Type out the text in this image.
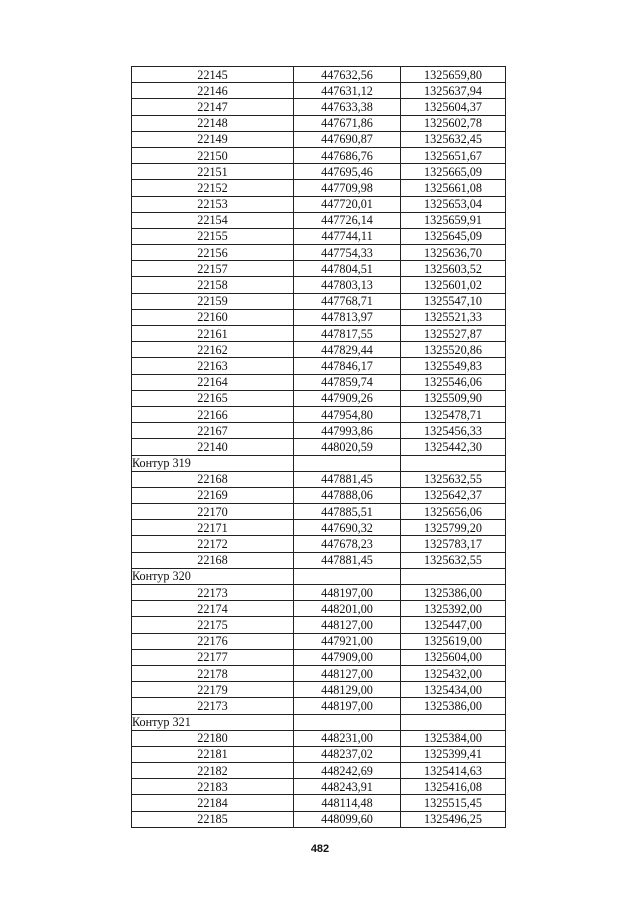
22145	447632,56	1325659,80
22146	447631,12	1325637,94
22147	447633,38	1325604,37
22148	447671,86	1325602,78
22149	447690,87	1325632,45
22150	447686,76	1325651,67
22151	447695,46	1325665,09
22152	447709,98	1325661,08
22153	447720,01	1325653,04
22154	447726,14	1325659,91
22155	447744,11	1325645,09
22156	447754,33	1325636,70
22157	447804,51	1325603,52
22158	447803,13	1325601,02
22159	447768,71	1325547,10
22160	447813,97	1325521,33
22161	447817,55	1325527,87
22162	447829,44	1325520,86
22163	447846,17	1325549,83
22164	447859,74	1325546,06
22165	447909,26	1325509,90
22166	447954,80	1325478,71
22167	447993,86	1325456,33
22140	448020,59	1325442,30
Контур 319		
22168	447881,45	1325632,55
22169	447888,06	1325642,37
22170	447885,51	1325656,06
22171	447690,32	1325799,20
22172	447678,23	1325783,17
22168	447881,45	1325632,55
Контур 320		
22173	448197,00	1325386,00
22174	448201,00	1325392,00
22175	448127,00	1325447,00
22176	447921,00	1325619,00
22177	447909,00	1325604,00
22178	448127,00	1325432,00
22179	448129,00	1325434,00
22173	448197,00	1325386,00
Контур 321		
22180	448231,00	1325384,00
22181	448237,02	1325399,41
22182	448242,69	1325414,63
22183	448243,91	1325416,08
22184	448114,48	1325515,45
22185	448099,60	1325496,25
482
